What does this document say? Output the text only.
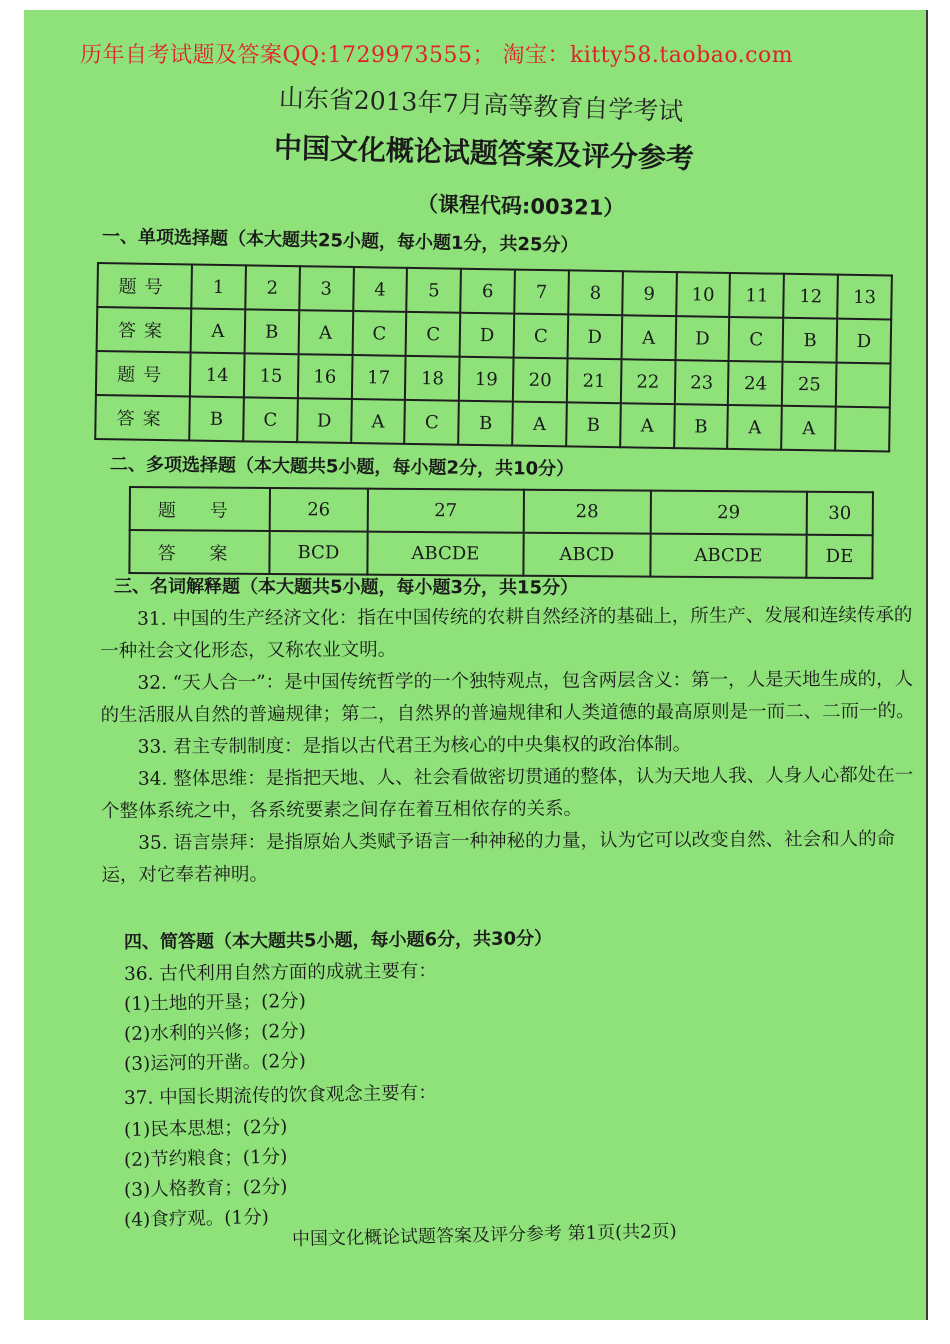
山东省2013年7月高等教育自学考试
中国文化概论试题答案及评分参考
（课程代码:00321）
一、单项选择题（本大题共25小题，每小题1分，共25分）
题号	1	2	3	4	5	6	7	8	9	10	11	12	13
答案	A	B	A	C	C	D	C	D	A	D	C	B	D
题号	14	15	16	17	18	19	20	21	22	23	24	25	
答案	B	C	D	A	C	B	A	B	A	B	A	A	
二、多项选择题（本大题共5小题，每小题2分，共10分）
题 号	26	27	28	29	30
答 案	BCD	ABCDE	ABCD	ABCDE	DE
三、名词解释题（本大题共5小题，每小题3分，共15分）

31. 中国的生产经济文化：指在中国传统的农耕自然经济的基础上，所生产、发展和连续传承的一种社会文化形态，又称农业文明。

32. “天人合一”：是中国传统哲学的一个独特观点，包含两层含义：第一，人是天地生成的，人的生活服从自然的普遍规律；第二，自然界的普遍规律和人类道德的最高原则是一而二、二而一的。

33. 君主专制制度：是指以古代君王为核心的中央集权的政治体制。

34. 整体思维：是指把天地、人、社会看做密切贯通的整体，认为天地人我、人身人心都处在一个整体系统之中，各系统要素之间存在着互相依存的关系。

35. 语言崇拜：是指原始人类赋予语言一种神秘的力量，认为它可以改变自然、社会和人的命运，对它奉若神明。

四、简答题（本大题共5小题，每小题6分，共30分）
36. 古代利用自然方面的成就主要有：
(1)土地的开垦；(2分)
(2)水利的兴修；(2分)
(3)运河的开凿。(2分)
37. 中国长期流传的饮食观念主要有：
(1)民本思想；(2分)
(2)节约粮食；(1分)
(3)人格教育；(2分)
(4)食疗观。(1分)
中国文化概论试题答案及评分参考 第1页(共2页)
历年自考试题及答案QQ:1729973555； 淘宝：kitty58.taobao.com
